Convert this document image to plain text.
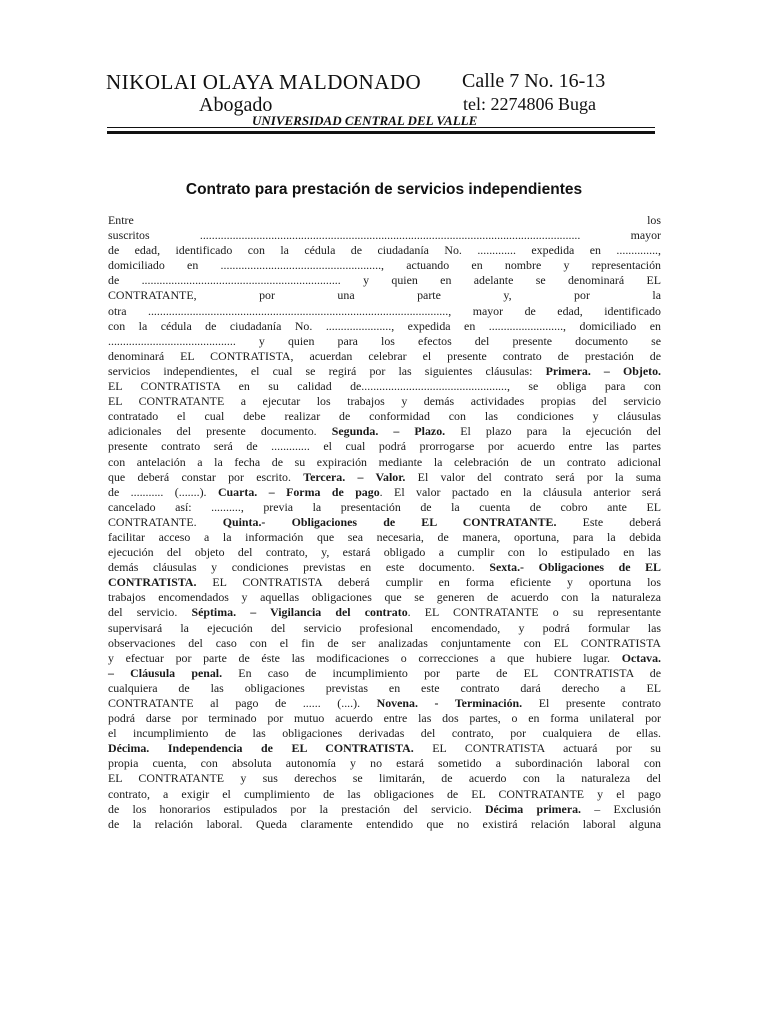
NIKOLAI OLAYA MALDONADO Calle 7 No. 16-13
Abogado	tel: 2274806 Buga
UNIVERSIDAD CENTRAL DEL VALLE
Contrato para prestación de servicios independientes

Entre los

suscritos ................................................................................................................................ mayor

de edad, identificado con la cédula de ciudadanía No. ............. expedida en ..............,

domiciliado en ......................................................, actuando en nombre y representación

de ................................................................... y quien en adelante se denominará EL

CONTRATANTE, por una parte y, por la

otra ....................................................................................................., mayor de edad, identificado

con la cédula de ciudadanía No. ......................, expedida en ........................., domiciliado en

........................................... y quien para los efectos del presente documento se

denominará EL CONTRATISTA, acuerdan celebrar el presente contrato de prestación de

servicios independientes, el cual se regirá por las siguientes cláusulas: Primera. – Objeto.

EL CONTRATISTA en su calidad de................................................., se obliga para con

EL CONTRATANTE a ejecutar los trabajos y demás actividades propias del servicio

contratado el cual debe realizar de conformidad con las condiciones y cláusulas

adicionales del presente documento. Segunda. – Plazo. El plazo para la ejecución del

presente contrato será de ............. el cual podrá prorrogarse por acuerdo entre las partes

con antelación a la fecha de su expiración mediante la celebración de un contrato adicional

que deberá constar por escrito. Tercera. – Valor. El valor del contrato será por la suma

de ........... (.......). Cuarta. – Forma de pago. El valor pactado en la cláusula anterior será

cancelado así: .........., previa la presentación de la cuenta de cobro ante EL

CONTRATANTE. Quinta.- Obligaciones de EL CONTRATANTE. Este deberá

facilitar acceso a la información que sea necesaria, de manera, oportuna, para la debida

ejecución del objeto del contrato, y, estará obligado a cumplir con lo estipulado en las

demás cláusulas y condiciones previstas en este documento. Sexta.- Obligaciones de EL

CONTRATISTA. EL CONTRATISTA deberá cumplir en forma eficiente y oportuna los

trabajos encomendados y aquellas obligaciones que se generen de acuerdo con la naturaleza

del servicio. Séptima. – Vigilancia del contrato. EL CONTRATANTE o su representante

supervisará la ejecución del servicio profesional encomendado, y podrá formular las

observaciones del caso con el fin de ser analizadas conjuntamente con EL CONTRATISTA

y efectuar por parte de éste las modificaciones o correcciones a que hubiere lugar. Octava.

– Cláusula penal. En caso de incumplimiento por parte de EL CONTRATISTA de

cualquiera de las obligaciones previstas en este contrato dará derecho a EL

CONTRATANTE al pago de ...... (....). Novena. - Terminación. El presente contrato

podrá darse por terminado por mutuo acuerdo entre las dos partes, o en forma unilateral por

el incumplimiento de las obligaciones derivadas del contrato, por cualquiera de ellas.

Décima. Independencia de EL CONTRATISTA. EL CONTRATISTA actuará por su

propia cuenta, con absoluta autonomía y no estará sometido a subordinación laboral con

EL CONTRATANTE y sus derechos se limitarán, de acuerdo con la naturaleza del

contrato, a exigir el cumplimiento de las obligaciones de EL CONTRATANTE y el pago

de los honorarios estipulados por la prestación del servicio. Décima primera. – Exclusión

de la relación laboral. Queda claramente entendido que no existirá relación laboral alguna
